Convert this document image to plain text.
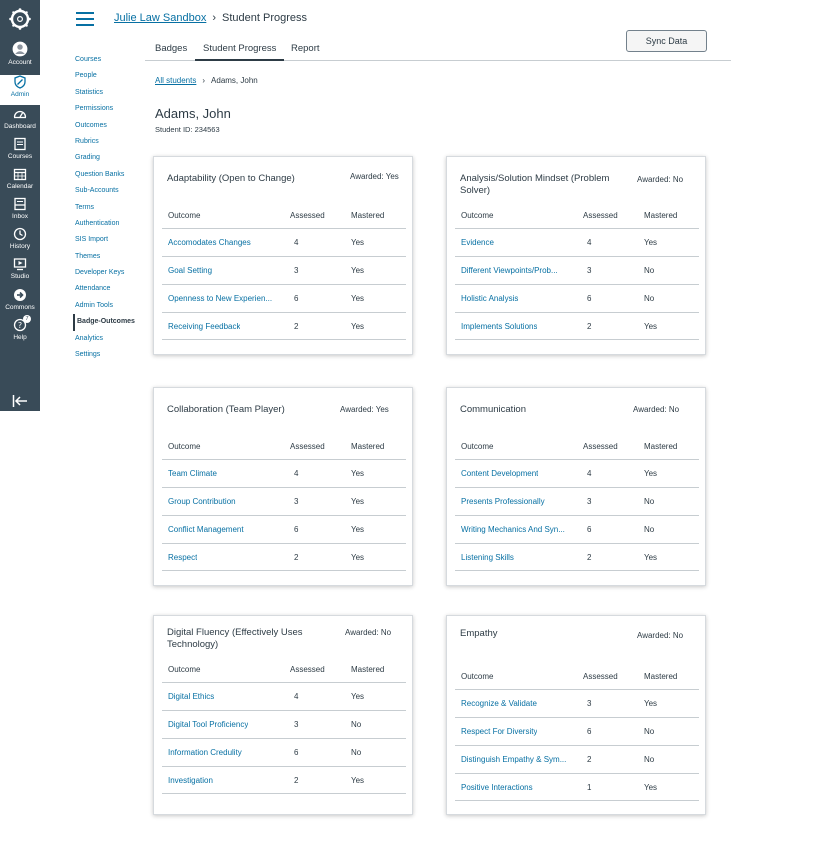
Account
Admin
Dashboard
Courses
Calendar
Inbox
History
Studio
Commons
?
7
Help
Julie Law Sandbox › Student Progress
Courses
People
Statistics
Permissions
Outcomes
Rubrics
Grading
Question Banks
Sub-Accounts
Terms
Authentication
SIS Import
Themes
Developer Keys
Attendance
Admin Tools
Badge-Outcomes
Analytics
Settings
Badges	Student Progress	Report
Sync Data
All students › Adams, John
Adams, John
Student ID: 234563
Adaptability (Open to Change)	Awarded: Yes
Outcome	Assessed	Mastered
Accomodates Changes	4	Yes
Goal Setting	3	Yes
Openness to New Experien...	6	Yes
Receiving Feedback	2	Yes
Analysis/Solution Mindset (Problem Solver)
Awarded: No
Outcome	Assessed	Mastered
Evidence	4	Yes
Different Viewpoints/Prob...	3	No
Holistic Analysis	6	No
Implements Solutions	2	Yes
Collaboration (Team Player)	Awarded: Yes
Outcome	Assessed	Mastered
Team Climate	4	Yes
Group Contribution	3	Yes
Conflict Management	6	Yes
Respect	2	Yes
Communication	Awarded: No
Outcome	Assessed	Mastered
Content Development	4	Yes
Presents Professionally	3	No
Writing Mechanics And Syn...	6	No
Listening Skills	2	Yes
Digital Fluency (Effectively Uses Technology)
Awarded: No
Outcome	Assessed	Mastered
Digital Ethics	4	Yes
Digital Tool Proficiency	3	No
Information Credulity	6	No
Investigation	2	Yes
Empathy	Awarded: No
Outcome	Assessed	Mastered
Recognize & Validate	3	Yes
Respect For Diversity	6	No
Distinguish Empathy & Sym...	2	No
Positive Interactions	1	Yes
